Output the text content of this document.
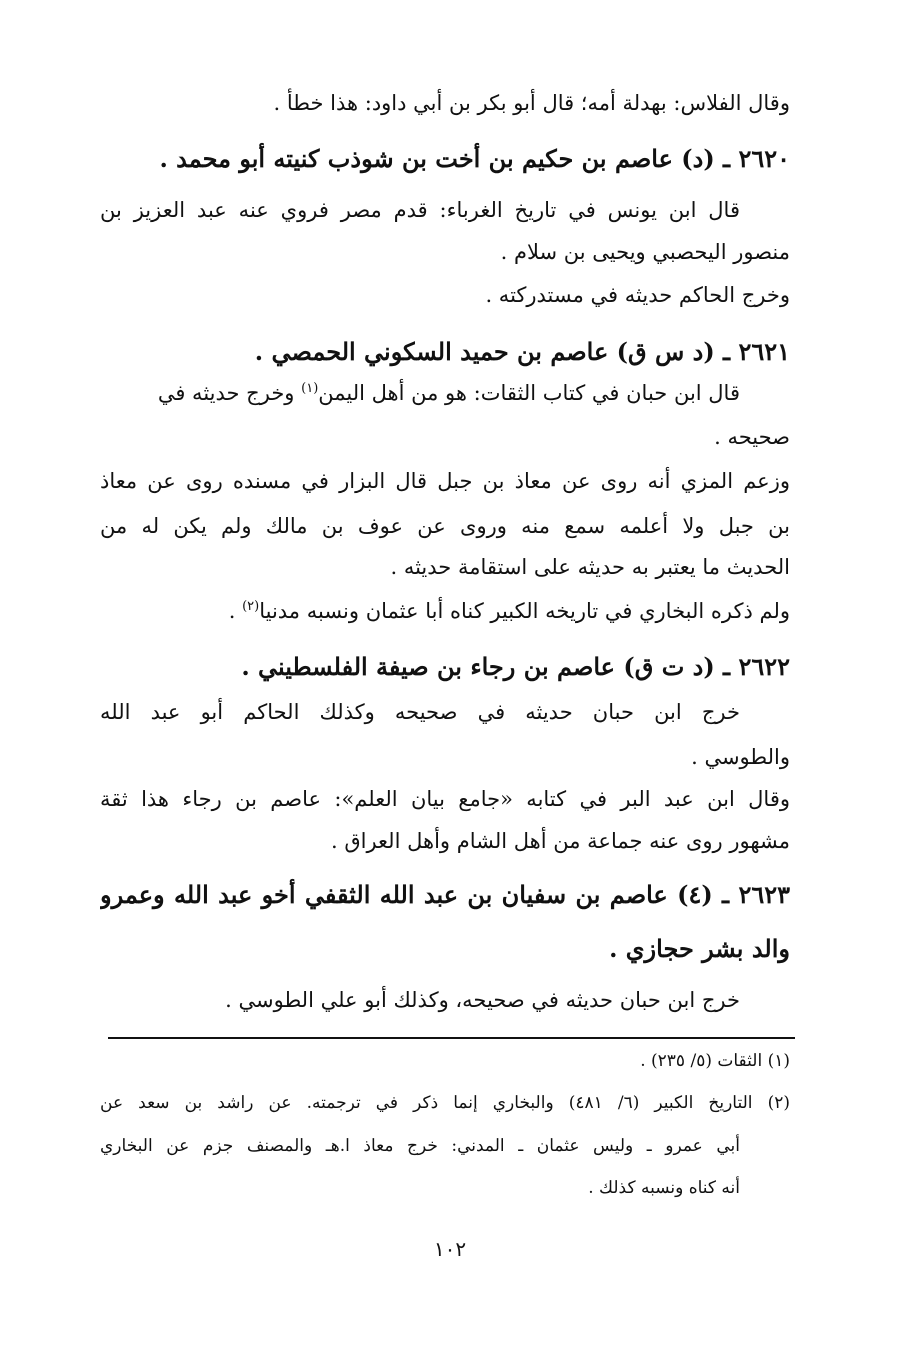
وقال الفلاس: بهدلة أمه؛ قال أبو بكر بن أبي داود: هذا خطأ .
٢٦٢٠ ـ (د) عاصم بن حكيم بن أخت بن شوذب كنيته أبو محمد .
قال ابن يونس في تاريخ الغرباء: قدم مصر فروي عنه عبد العزيز بن
منصور اليحصبي ويحيى بن سلام .
وخرج الحاكم حديثه في مستدركته .
٢٦٢١ ـ (د س ق) عاصم بن حميد السكوني الحمصي .
قال ابن حبان في كتاب الثقات: هو من أهل اليمن$^{(١)}$ وخرج حديثه في
صحيحه .
وزعم المزي أنه روى عن معاذ بن جبل قال البزار في مسنده روى عن معاذ
بن جبل ولا أعلمه سمع منه وروى عن عوف بن مالك ولم يكن له من
الحديث ما يعتبر به حديثه على استقامة حديثه .
ولم ذكره البخاري في تاريخه الكبير كناه أبا عثمان ونسبه مدنيا$^{(٢)}$ .
٢٦٢٢ ـ (د ت ق) عاصم بن رجاء بن صيفة الفلسطيني .
خرج ابن حبان حديثه في صحيحه وكذلك الحاكم أبو عبد الله
والطوسي .
وقال ابن عبد البر في كتابه «جامع بيان العلم»: عاصم بن رجاء هذا ثقة
مشهور روى عنه جماعة من أهل الشام وأهل العراق .
٢٦٢٣ ـ (٤) عاصم بن سفيان بن عبد الله الثقفي أخو عبد الله وعمرو
والد بشر حجازي .
خرج ابن حبان حديثه في صحيحه، وكذلك أبو علي الطوسي .
(١) الثقات (٥/ ٢٣٥) .
(٢) التاريخ الكبير (٦/ ٤٨١) والبخاري إنما ذكر في ترجمته. عن راشد بن سعد عن
أبي عمرو ـ وليس عثمان ـ المدني: خرج معاذ ا.هـ والمصنف جزم عن البخاري
أنه كناه ونسبه كذلك .
١٠٢
